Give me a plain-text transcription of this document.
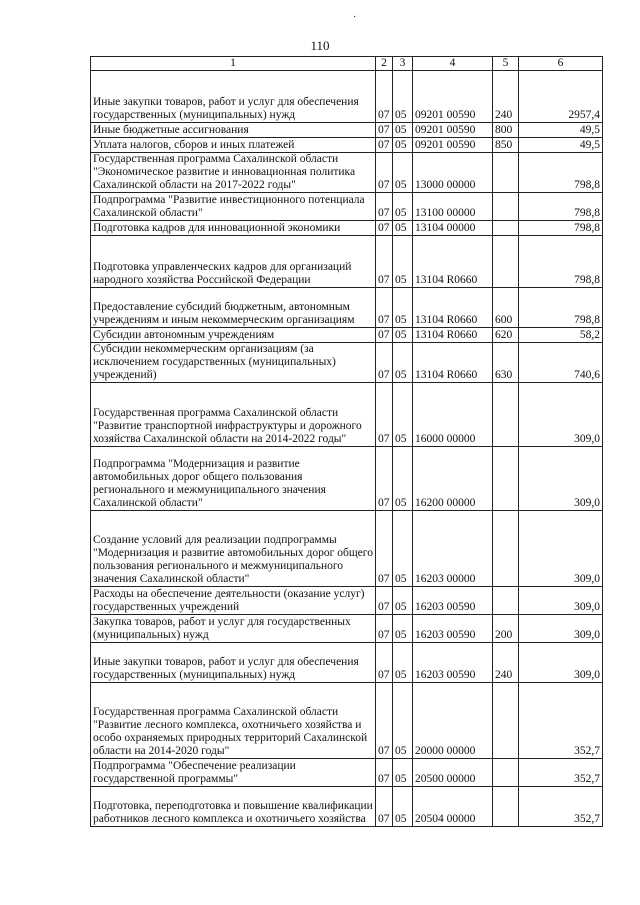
·
110
1	2	3	4	5	6
Иные закупки товаров, работ и услуг для обеспечения государственных (муниципальных) нужд	07	05	09201 00590	240	2957,4
Иные бюджетные ассигнования	07	05	09201 00590	800	49,5
Уплата налогов, сборов и иных платежей	07	05	09201 00590	850	49,5
Государственная программа Сахалинской области "Экономическое развитие и инновационная политика Сахалинской области на 2017-2022 годы"	07	05	13000 00000		798,8
Подпрограмма "Развитие инвестиционного потенциала Сахалинской области"	07	05	13100 00000		798,8
Подготовка кадров для инновационной экономики	07	05	13104 00000		798,8
Подготовка управленческих кадров для организаций народного хозяйства Российской Федерации	07	05	13104 R0660		798,8
Предоставление субсидий бюджетным, автономным учреждениям и иным некоммерческим организациям	07	05	13104 R0660	600	798,8
Субсидии автономным учреждениям	07	05	13104 R0660	620	58,2
Субсидии некоммерческим организациям (за исключением государственных (муниципальных) учреждений)	07	05	13104 R0660	630	740,6
Государственная программа Сахалинской области "Развитие транспортной инфраструктуры и дорожного хозяйства Сахалинской области на 2014-2022 годы"	07	05	16000 00000		309,0
Подпрограмма "Модернизация и развитие автомобильных дорог общего пользования регионального и межмуниципального значения Сахалинской области"	07	05	16200 00000		309,0
Создание условий для реализации подпрограммы "Модернизация и развитие автомобильных дорог общего пользования регионального и межмуниципального значения Сахалинской области"	07	05	16203 00000		309,0
Расходы на обеспечение деятельности (оказание услуг) государственных учреждений	07	05	16203 00590		309,0
Закупка товаров, работ и услуг для государственных (муниципальных) нужд	07	05	16203 00590	200	309,0
Иные закупки товаров, работ и услуг для обеспечения государственных (муниципальных) нужд	07	05	16203 00590	240	309,0
Государственная программа Сахалинской области "Развитие лесного комплекса, охотничьего хозяйства и особо охраняемых природных территорий Сахалинской области на 2014-2020 годы"	07	05	20000 00000		352,7
Подпрограмма "Обеспечение реализации государственной программы"	07	05	20500 00000		352,7
Подготовка, переподготовка и повышение квалификации работников лесного комплекса и охотничьего хозяйства	07	05	20504 00000		352,7
